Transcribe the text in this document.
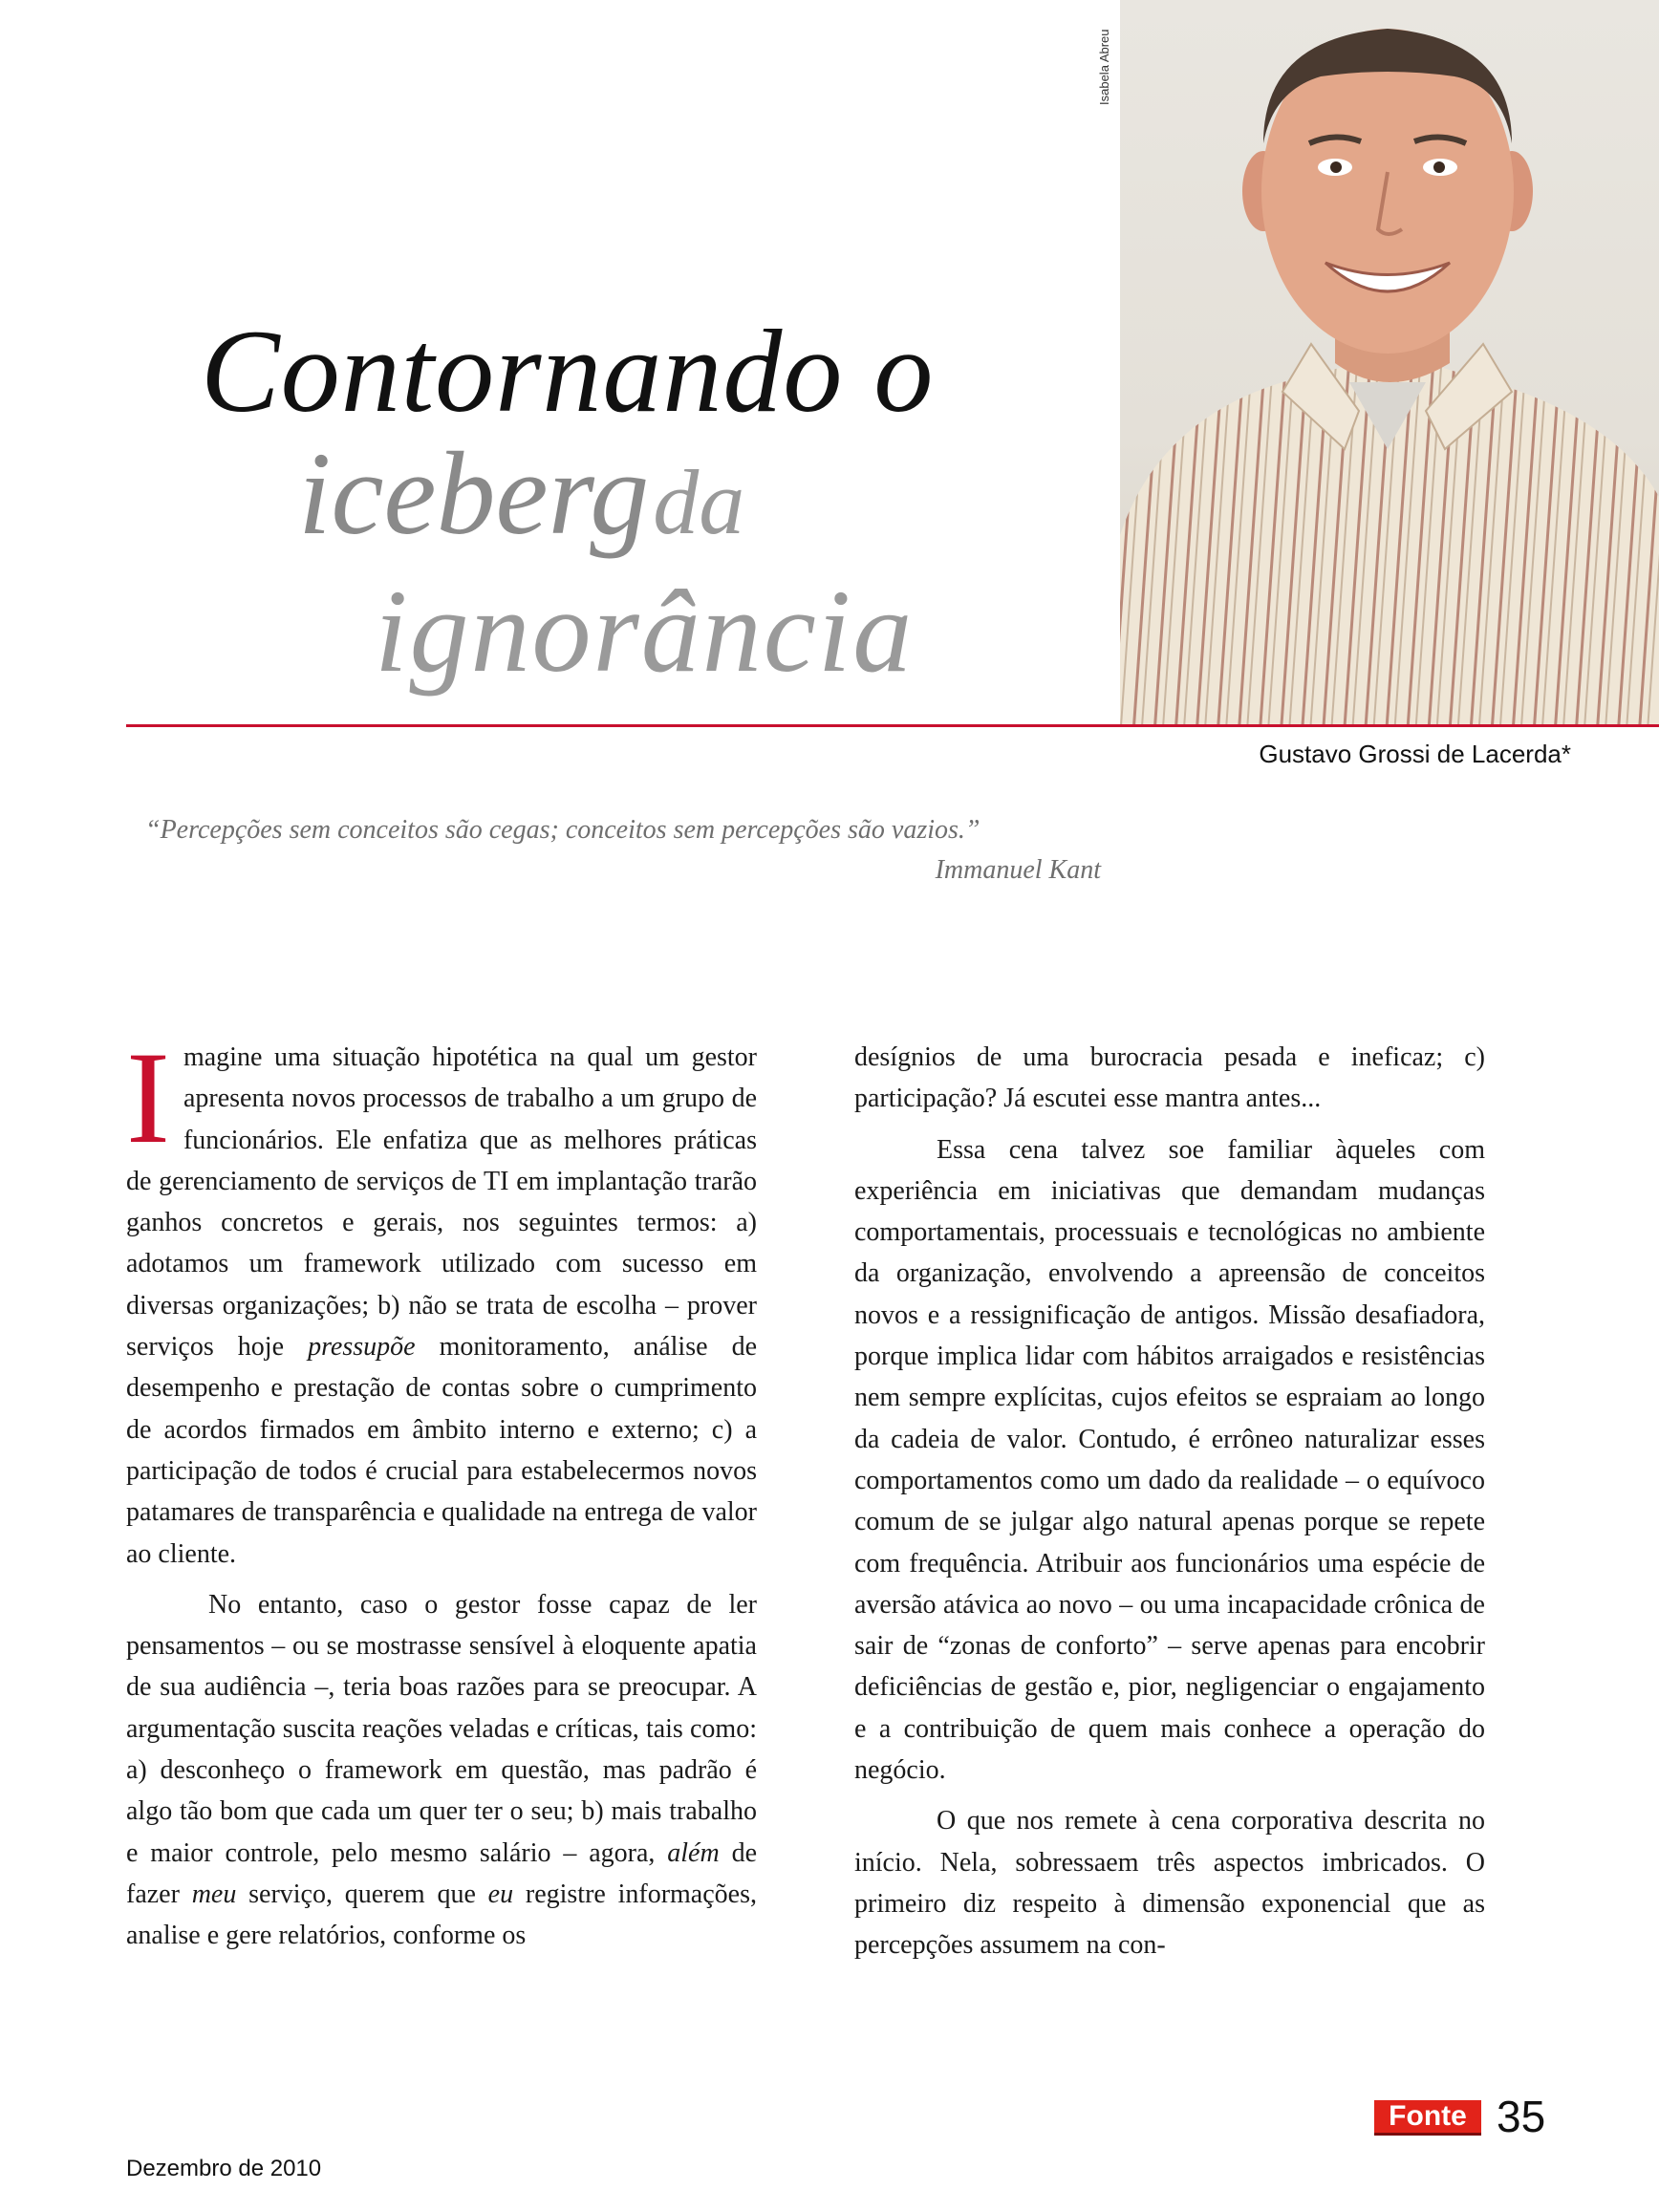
Contornando o
iceberg da
ignorância
Isabela Abreu
Gustavo Grossi de Lacerda*
“Percepções sem conceitos são cegas; conceitos sem percepções são vazios.”
Immanuel Kant

Imagine uma situação hipotética na qual um gestor apresenta novos processos de trabalho a um grupo de funcionários. Ele enfatiza que as melhores práticas de gerenciamento de serviços de TI em implantação trarão ganhos concretos e gerais, nos seguintes termos: a) adotamos um framework utilizado com sucesso em diversas organizações; b) não se trata de escolha – prover serviços hoje pressupõe monitoramento, análise de desempenho e prestação de contas sobre o cumprimento de acordos firmados em âmbito interno e externo; c) a participação de todos é crucial para estabelecermos novos patamares de transparência e qualidade na entrega de valor ao cliente.

No entanto, caso o gestor fosse capaz de ler pensamentos – ou se mostrasse sensível à eloquente apatia de sua audiência –, teria boas razões para se preocupar. A argumentação suscita reações veladas e críticas, tais como: a) desconheço o framework em questão, mas padrão é algo tão bom que cada um quer ter o seu; b) mais trabalho e maior controle, pelo mesmo salário – agora, além de fazer meu serviço, querem que eu registre informações, analise e gere relatórios, conforme os

desígnios de uma burocracia pesada e ineficaz; c) participação? Já escutei esse mantra antes...

Essa cena talvez soe familiar àqueles com experiência em iniciativas que demandam mudanças comportamentais, processuais e tecnológicas no ambiente da organização, envolvendo a apreensão de conceitos novos e a ressignificação de antigos. Missão desafiadora, porque implica lidar com hábitos arraigados e resistências nem sempre explícitas, cujos efeitos se espraiam ao longo da cadeia de valor. Contudo, é errôneo naturalizar esses comportamentos como um dado da realidade – o equívoco comum de se julgar algo natural apenas porque se repete com frequência. Atribuir aos funcionários uma espécie de aversão atávica ao novo – ou uma incapacidade crônica de sair de “zonas de conforto” – serve apenas para encobrir deficiências de gestão e, pior, negligenciar o engajamento e a contribuição de quem mais conhece a operação do negócio.

O que nos remete à cena corporativa descrita no início. Nela, sobressaem três aspectos imbricados. O primeiro diz respeito à dimensão exponencial que as percepções assumem na con-

Dezembro de 2010
Fonte 35
